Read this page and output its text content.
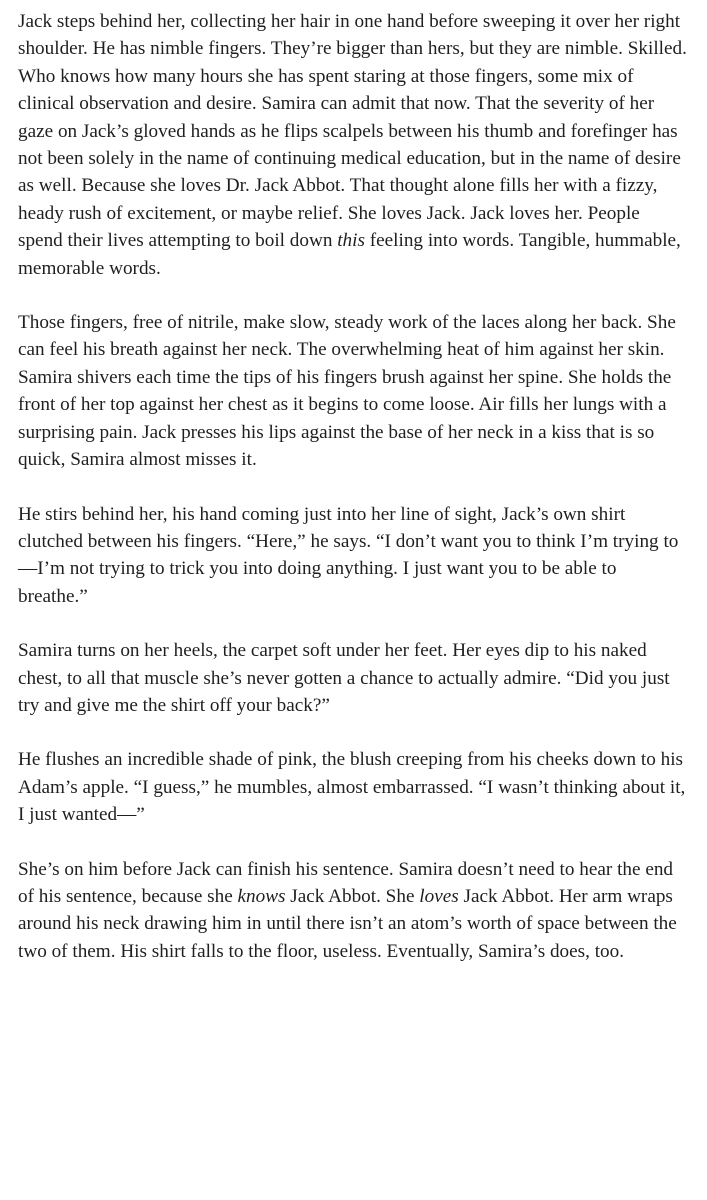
Jack steps behind her, collecting her hair in one hand before sweeping it over her right shoulder. He has nimble fingers. They’re bigger than hers, but they are nimble. Skilled. Who knows how many hours she has spent staring at those fingers, some mix of clinical observation and desire. Samira can admit that now. That the severity of her gaze on Jack’s gloved hands as he flips scalpels between his thumb and forefinger has not been solely in the name of continuing medical education, but in the name of desire as well. Because she loves Dr. Jack Abbot. That thought alone fills her with a fizzy, heady rush of excitement, or maybe relief. She loves Jack. Jack loves her. People spend their lives attempting to boil down this feeling into words. Tangible, hummable, memorable words.

Those fingers, free of nitrile, make slow, steady work of the laces along her back. She can feel his breath against her neck. The overwhelming heat of him against her skin. Samira shivers each time the tips of his fingers brush against her spine. She holds the front of her top against her chest as it begins to come loose. Air fills her lungs with a surprising pain. Jack presses his lips against the base of her neck in a kiss that is so quick, Samira almost misses it.

He stirs behind her, his hand coming just into her line of sight, Jack’s own shirt clutched between his fingers. “Here,” he says. “I don’t want you to think I’m trying to—I’m not trying to trick you into doing anything. I just want you to be able to breathe.”

Samira turns on her heels, the carpet soft under her feet. Her eyes dip to his naked chest, to all that muscle she’s never gotten a chance to actually admire. “Did you just try and give me the shirt off your back?”

He flushes an incredible shade of pink, the blush creeping from his cheeks down to his Adam’s apple. “I guess,” he mumbles, almost embarrassed. “I wasn’t thinking about it, I just wanted—”

She’s on him before Jack can finish his sentence. Samira doesn’t need to hear the end of his sentence, because she knows Jack Abbot. She loves Jack Abbot. Her arm wraps around his neck drawing him in until there isn’t an atom’s worth of space between the two of them. His shirt falls to the floor, useless. Eventually, Samira’s does, too.
